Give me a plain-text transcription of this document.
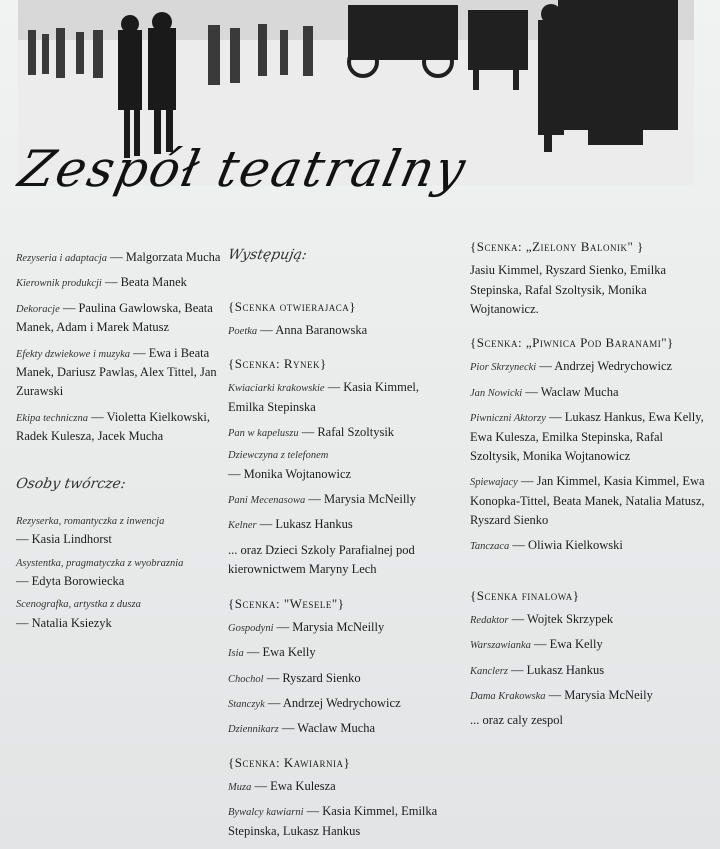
Zespół teatralny
Rezyseria i adaptacja — Malgorzata Mucha
Kierownik produkcji — Beata Manek
Dekoracje — Paulina Gawlowska, Beata Manek, Adam i Marek Matusz
Efekty dzwiekowe i muzyka — Ewa i Beata Manek, Dariusz Pawlas, Alex Tittel, Jan Zurawski
Ekipa techniczna — Violetta Kielkowski, Radek Kulesza, Jacek Mucha
Osoby twórcze:
Rezyserka, romantyczka z inwencja
— Kasia Lindhorst
Asystentka, pragmatyczka z wyobraznia
— Edyta Borowiecka
Scenografka, artystka z dusza
— Natalia Ksiezyk
Występują:
{Scenka otwierajaca}
Poetka — Anna Baranowska
{Scenka: Rynek}
Kwiaciarki krakowskie — Kasia Kimmel, Emilka Stepinska
Pan w kapeluszu — Rafal Szoltysik
Dziewczyna z telefonem
— Monika Wojtanowicz
Pani Mecenasowa — Marysia McNeilly
Kelner — Lukasz Hankus
... oraz Dzieci Szkoly Parafialnej pod kierownictwem Maryny Lech
{Scenka: "Wesele"}
Gospodyni — Marysia McNeilly
Isia — Ewa Kelly
Chochol — Ryszard Sienko
Stanczyk — Andrzej Wedrychowicz
Dziennikarz — Waclaw Mucha
{Scenka: Kawiarnia}
Muza — Ewa Kulesza
Bywalcy kawiarni — Kasia Kimmel, Emilka Stepinska, Lukasz Hankus
{Scenka: „Zielony Balonik" }
Jasiu Kimmel, Ryszard Sienko, Emilka Stepinska, Rafal Szoltysik, Monika Wojtanowicz.
{Scenka: „Piwnica Pod Baranami"}
Pior Skrzynecki — Andrzej Wedrychowicz
Jan Nowicki — Waclaw Mucha
Piwniczni Aktorzy — Lukasz Hankus, Ewa Kelly, Ewa Kulesza, Emilka Stepinska, Rafal Szoltysik, Monika Wojtanowicz
Spiewajacy — Jan Kimmel, Kasia Kimmel, Ewa Konopka-Tittel, Beata Manek, Natalia Matusz, Ryszard Sienko
Tanczaca — Oliwia Kielkowski
{Scenka finalowa}
Redaktor — Wojtek Skrzypek
Warszawianka — Ewa Kelly
Kanclerz — Lukasz Hankus
Dama Krakowska — Marysia McNeily
... oraz caly zespol
